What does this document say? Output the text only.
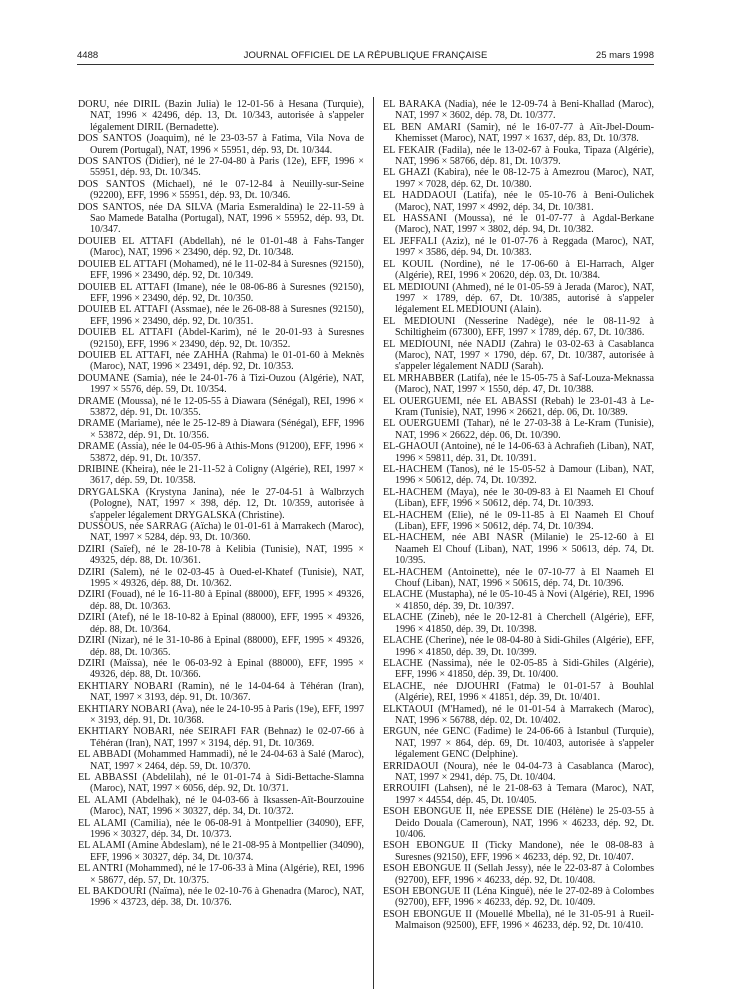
4488	JOURNAL OFFICIEL DE LA RÉPUBLIQUE FRANÇAISE	25 mars 1998

DORU, née DIRIL (Bazin Julia) le 12-01-56 à Hesana (Turquie), NAT, 1996 × 42496, dép. 13, Dt. 10/343, autorisée à s'appeler légalement DIRIL (Bernadette).

DOS SANTOS (Joaquim), né le 23-03-57 à Fatima, Vila Nova de Ourem (Portugal), NAT, 1996 × 55951, dép. 93, Dt. 10/344.

DOS SANTOS (Didier), né le 27-04-80 à Paris (12e), EFF, 1996 × 55951, dép. 93, Dt. 10/345.

DOS SANTOS (Michael), né le 07-12-84 à Neuilly-sur-Seine (92200), EFF, 1996 × 55951, dép. 93, Dt. 10/346.

DOS SANTOS, née DA SILVA (Maria Esmeraldina) le 22-11-59 à Sao Mamede Batalha (Portugal), NAT, 1996 × 55952, dép. 93, Dt. 10/347.

DOUIEB EL ATTAFI (Abdellah), né le 01-01-48 à Fahs-Tanger (Maroc), NAT, 1996 × 23490, dép. 92, Dt. 10/348.

DOUIEB EL ATTAFI (Mohamed), né le 11-02-84 à Suresnes (92150), EFF, 1996 × 23490, dép. 92, Dt. 10/349.

DOUIEB EL ATTAFI (Imane), née le 08-06-86 à Suresnes (92150), EFF, 1996 × 23490, dép. 92, Dt. 10/350.

DOUIEB EL ATTAFI (Assmae), née le 26-08-88 à Suresnes (92150), EFF, 1996 × 23490, dép. 92, Dt. 10/351.

DOUIEB EL ATTAFI (Abdel-Karim), né le 20-01-93 à Suresnes (92150), EFF, 1996 × 23490, dép. 92, Dt. 10/352.

DOUIEB EL ATTAFI, née ZAHHA (Rahma) le 01-01-60 à Meknès (Maroc), NAT, 1996 × 23491, dép. 92, Dt. 10/353.

DOUMANE (Samia), née le 24-01-76 à Tizi-Ouzou (Algérie), NAT, 1997 × 5576, dép. 59, Dt. 10/354.

DRAME (Moussa), né le 12-05-55 à Diawara (Sénégal), REI, 1996 × 53872, dép. 91, Dt. 10/355.

DRAME (Mariame), née le 25-12-89 à Diawara (Sénégal), EFF, 1996 × 53872, dép. 91, Dt. 10/356.

DRAME (Assia), née le 04-05-96 à Athis-Mons (91200), EFF, 1996 × 53872, dép. 91, Dt. 10/357.

DRIBINE (Kheira), née le 21-11-52 à Coligny (Algérie), REI, 1997 × 3617, dép. 59, Dt. 10/358.

DRYGALSKA (Krystyna Janina), née le 27-04-51 à Walbrzych (Pologne), NAT, 1997 × 398, dép. 12, Dt. 10/359, autorisée à s'appeler légalement DRYGALSKA (Christine).

DUSSOUS, née SARRAG (Aïcha) le 01-01-61 à Marrakech (Maroc), NAT, 1997 × 5284, dép. 93, Dt. 10/360.

DZIRI (Saïef), né le 28-10-78 à Kelibia (Tunisie), NAT, 1995 × 49325, dép. 88, Dt. 10/361.

DZIRI (Salem), né le 02-03-45 à Oued-el-Khatef (Tunisie), NAT, 1995 × 49326, dép. 88, Dt. 10/362.

DZIRI (Fouad), né le 16-11-80 à Epinal (88000), EFF, 1995 × 49326, dép. 88, Dt. 10/363.

DZIRI (Atef), né le 18-10-82 à Epinal (88000), EFF, 1995 × 49326, dép. 88, Dt. 10/364.

DZIRI (Nizar), né le 31-10-86 à Epinal (88000), EFF, 1995 × 49326, dép. 88, Dt. 10/365.

DZIRI (Maïssa), née le 06-03-92 à Epinal (88000), EFF, 1995 × 49326, dép. 88, Dt. 10/366.

EKHTIARY NOBARI (Ramin), né le 14-04-64 à Téhéran (Iran), NAT, 1997 × 3193, dép. 91, Dt. 10/367.

EKHTIARY NOBARI (Ava), née le 24-10-95 à Paris (19e), EFF, 1997 × 3193, dép. 91, Dt. 10/368.

EKHTIARY NOBARI, née SEIRAFI FAR (Behnaz) le 02-07-66 à Téhéran (Iran), NAT, 1997 × 3194, dép. 91, Dt. 10/369.

EL ABBADI (Mohammed Hammadi), né le 24-04-63 à Salé (Maroc), NAT, 1997 × 2464, dép. 59, Dt. 10/370.

EL ABBASSI (Abdelilah), né le 01-01-74 à Sidi-Bettache-Slamna (Maroc), NAT, 1997 × 6056, dép. 92, Dt. 10/371.

EL ALAMI (Abdelhak), né le 04-03-66 à Iksassen-Aït-Bourzouine (Maroc), NAT, 1996 × 30327, dép. 34, Dt. 10/372.

EL ALAMI (Camilia), née le 06-08-91 à Montpellier (34090), EFF, 1996 × 30327, dép. 34, Dt. 10/373.

EL ALAMI (Amine Abdeslam), né le 21-08-95 à Montpellier (34090), EFF, 1996 × 30327, dép. 34, Dt. 10/374.

EL ANTRI (Mohammed), né le 17-06-33 à Mina (Algérie), REI, 1996 × 58677, dép. 57, Dt. 10/375.

EL BAKDOURI (Naïma), née le 02-10-76 à Ghenadra (Maroc), NAT, 1996 × 43723, dép. 38, Dt. 10/376.

EL BARAKA (Nadia), née le 12-09-74 à Beni-Khallad (Maroc), NAT, 1997 × 3602, dép. 78, Dt. 10/377.

EL BEN AMARI (Samir), né le 16-07-77 à Aït-Jbel-Doum-Khemisset (Maroc), NAT, 1997 × 1637, dép. 83, Dt. 10/378.

EL FEKAIR (Fadila), née le 13-02-67 à Fouka, Tipaza (Algérie), NAT, 1996 × 58766, dép. 81, Dt. 10/379.

EL GHAZI (Kabira), née le 08-12-75 à Amezrou (Maroc), NAT, 1997 × 7028, dép. 62, Dt. 10/380.

EL HADDAOUI (Latifa), née le 05-10-76 à Beni-Oulichek (Maroc), NAT, 1997 × 4992, dép. 34, Dt. 10/381.

EL HASSANI (Moussa), né le 01-07-77 à Agdal-Berkane (Maroc), NAT, 1997 × 3802, dép. 94, Dt. 10/382.

EL JEFFALI (Aziz), né le 01-07-76 à Reggada (Maroc), NAT, 1997 × 3586, dép. 94, Dt. 10/383.

EL KOUIL (Nordine), né le 17-06-60 à El-Harrach, Alger (Algérie), REI, 1996 × 20620, dép. 03, Dt. 10/384.

EL MEDIOUNI (Ahmed), né le 01-05-59 à Jerada (Maroc), NAT, 1997 × 1789, dép. 67, Dt. 10/385, autorisé à s'appeler légalement EL MEDIOUNI (Alain).

EL MEDIOUNI (Nesserine Nadège), née le 08-11-92 à Schiltigheim (67300), EFF, 1997 × 1789, dép. 67, Dt. 10/386.

EL MEDIOUNI, née NADIJ (Zahra) le 03-02-63 à Casablanca (Maroc), NAT, 1997 × 1790, dép. 67, Dt. 10/387, autorisée à s'appeler légalement NADIJ (Sarah).

EL MRHABBER (Latifa), née le 15-05-75 à Saf-Louza-Meknassa (Maroc), NAT, 1997 × 1550, dép. 47, Dt. 10/388.

EL OUERGUEMI, née EL ABASSI (Rebah) le 23-01-43 à Le-Kram (Tunisie), NAT, 1996 × 26621, dép. 06, Dt. 10/389.

EL OUERGUEMI (Tahar), né le 27-03-38 à Le-Kram (Tunisie), NAT, 1996 × 26622, dép. 06, Dt. 10/390.

EL-GHAOUI (Antoine), né le 14-06-63 à Achrafieh (Liban), NAT, 1996 × 59811, dép. 31, Dt. 10/391.

EL-HACHEM (Tanos), né le 15-05-52 à Damour (Liban), NAT, 1996 × 50612, dép. 74, Dt. 10/392.

EL-HACHEM (Maya), née le 30-09-83 à El Naameh El Chouf (Liban), EFF, 1996 × 50612, dép. 74, Dt. 10/393.

EL-HACHEM (Elie), né le 09-11-85 à El Naameh El Chouf (Liban), EFF, 1996 × 50612, dép. 74, Dt. 10/394.

EL-HACHEM, née ABI NASR (Milanie) le 25-12-60 à El Naameh El Chouf (Liban), NAT, 1996 × 50613, dép. 74, Dt. 10/395.

EL-HACHEM (Antoinette), née le 07-10-77 à El Naameh El Chouf (Liban), NAT, 1996 × 50615, dép. 74, Dt. 10/396.

ELACHE (Mustapha), né le 05-10-45 à Novi (Algérie), REI, 1996 × 41850, dép. 39, Dt. 10/397.

ELACHE (Zineb), née le 20-12-81 à Cherchell (Algérie), EFF, 1996 × 41850, dép. 39, Dt. 10/398.

ELACHE (Cherine), née le 08-04-80 à Sidi-Ghiles (Algérie), EFF, 1996 × 41850, dép. 39, Dt. 10/399.

ELACHE (Nassima), née le 02-05-85 à Sidi-Ghiles (Algérie), EFF, 1996 × 41850, dép. 39, Dt. 10/400.

ELACHE, née DJOUHRI (Fatma) le 01-01-57 à Bouhlal (Algérie), REI, 1996 × 41851, dép. 39, Dt. 10/401.

ELKTAOUI (M'Hamed), né le 01-01-54 à Marrakech (Maroc), NAT, 1996 × 56788, dép. 02, Dt. 10/402.

ERGUN, née GENC (Fadime) le 24-06-66 à Istanbul (Turquie), NAT, 1997 × 864, dép. 69, Dt. 10/403, autorisée à s'appeler légalement GENC (Delphine).

ERRIDAOUI (Noura), née le 04-04-73 à Casablanca (Maroc), NAT, 1997 × 2941, dép. 75, Dt. 10/404.

ERROUIFI (Lahsen), né le 21-08-63 à Temara (Maroc), NAT, 1997 × 44554, dép. 45, Dt. 10/405.

ESOH EBONGUE II, née EPESSE DIE (Hélène) le 25-03-55 à Deido Douala (Cameroun), NAT, 1996 × 46233, dép. 92, Dt. 10/406.

ESOH EBONGUE II (Ticky Mandone), née le 08-08-83 à Suresnes (92150), EFF, 1996 × 46233, dép. 92, Dt. 10/407.

ESOH EBONGUE II (Sellah Jessy), née le 22-03-87 à Colombes (92700), EFF, 1996 × 46233, dép. 92, Dt. 10/408.

ESOH EBONGUE II (Léna Kingué), née le 27-02-89 à Colombes (92700), EFF, 1996 × 46233, dép. 92, Dt. 10/409.

ESOH EBONGUE II (Mouellé Mbella), né le 31-05-91 à Rueil-Malmaison (92500), EFF, 1996 × 46233, dép. 92, Dt. 10/410.
